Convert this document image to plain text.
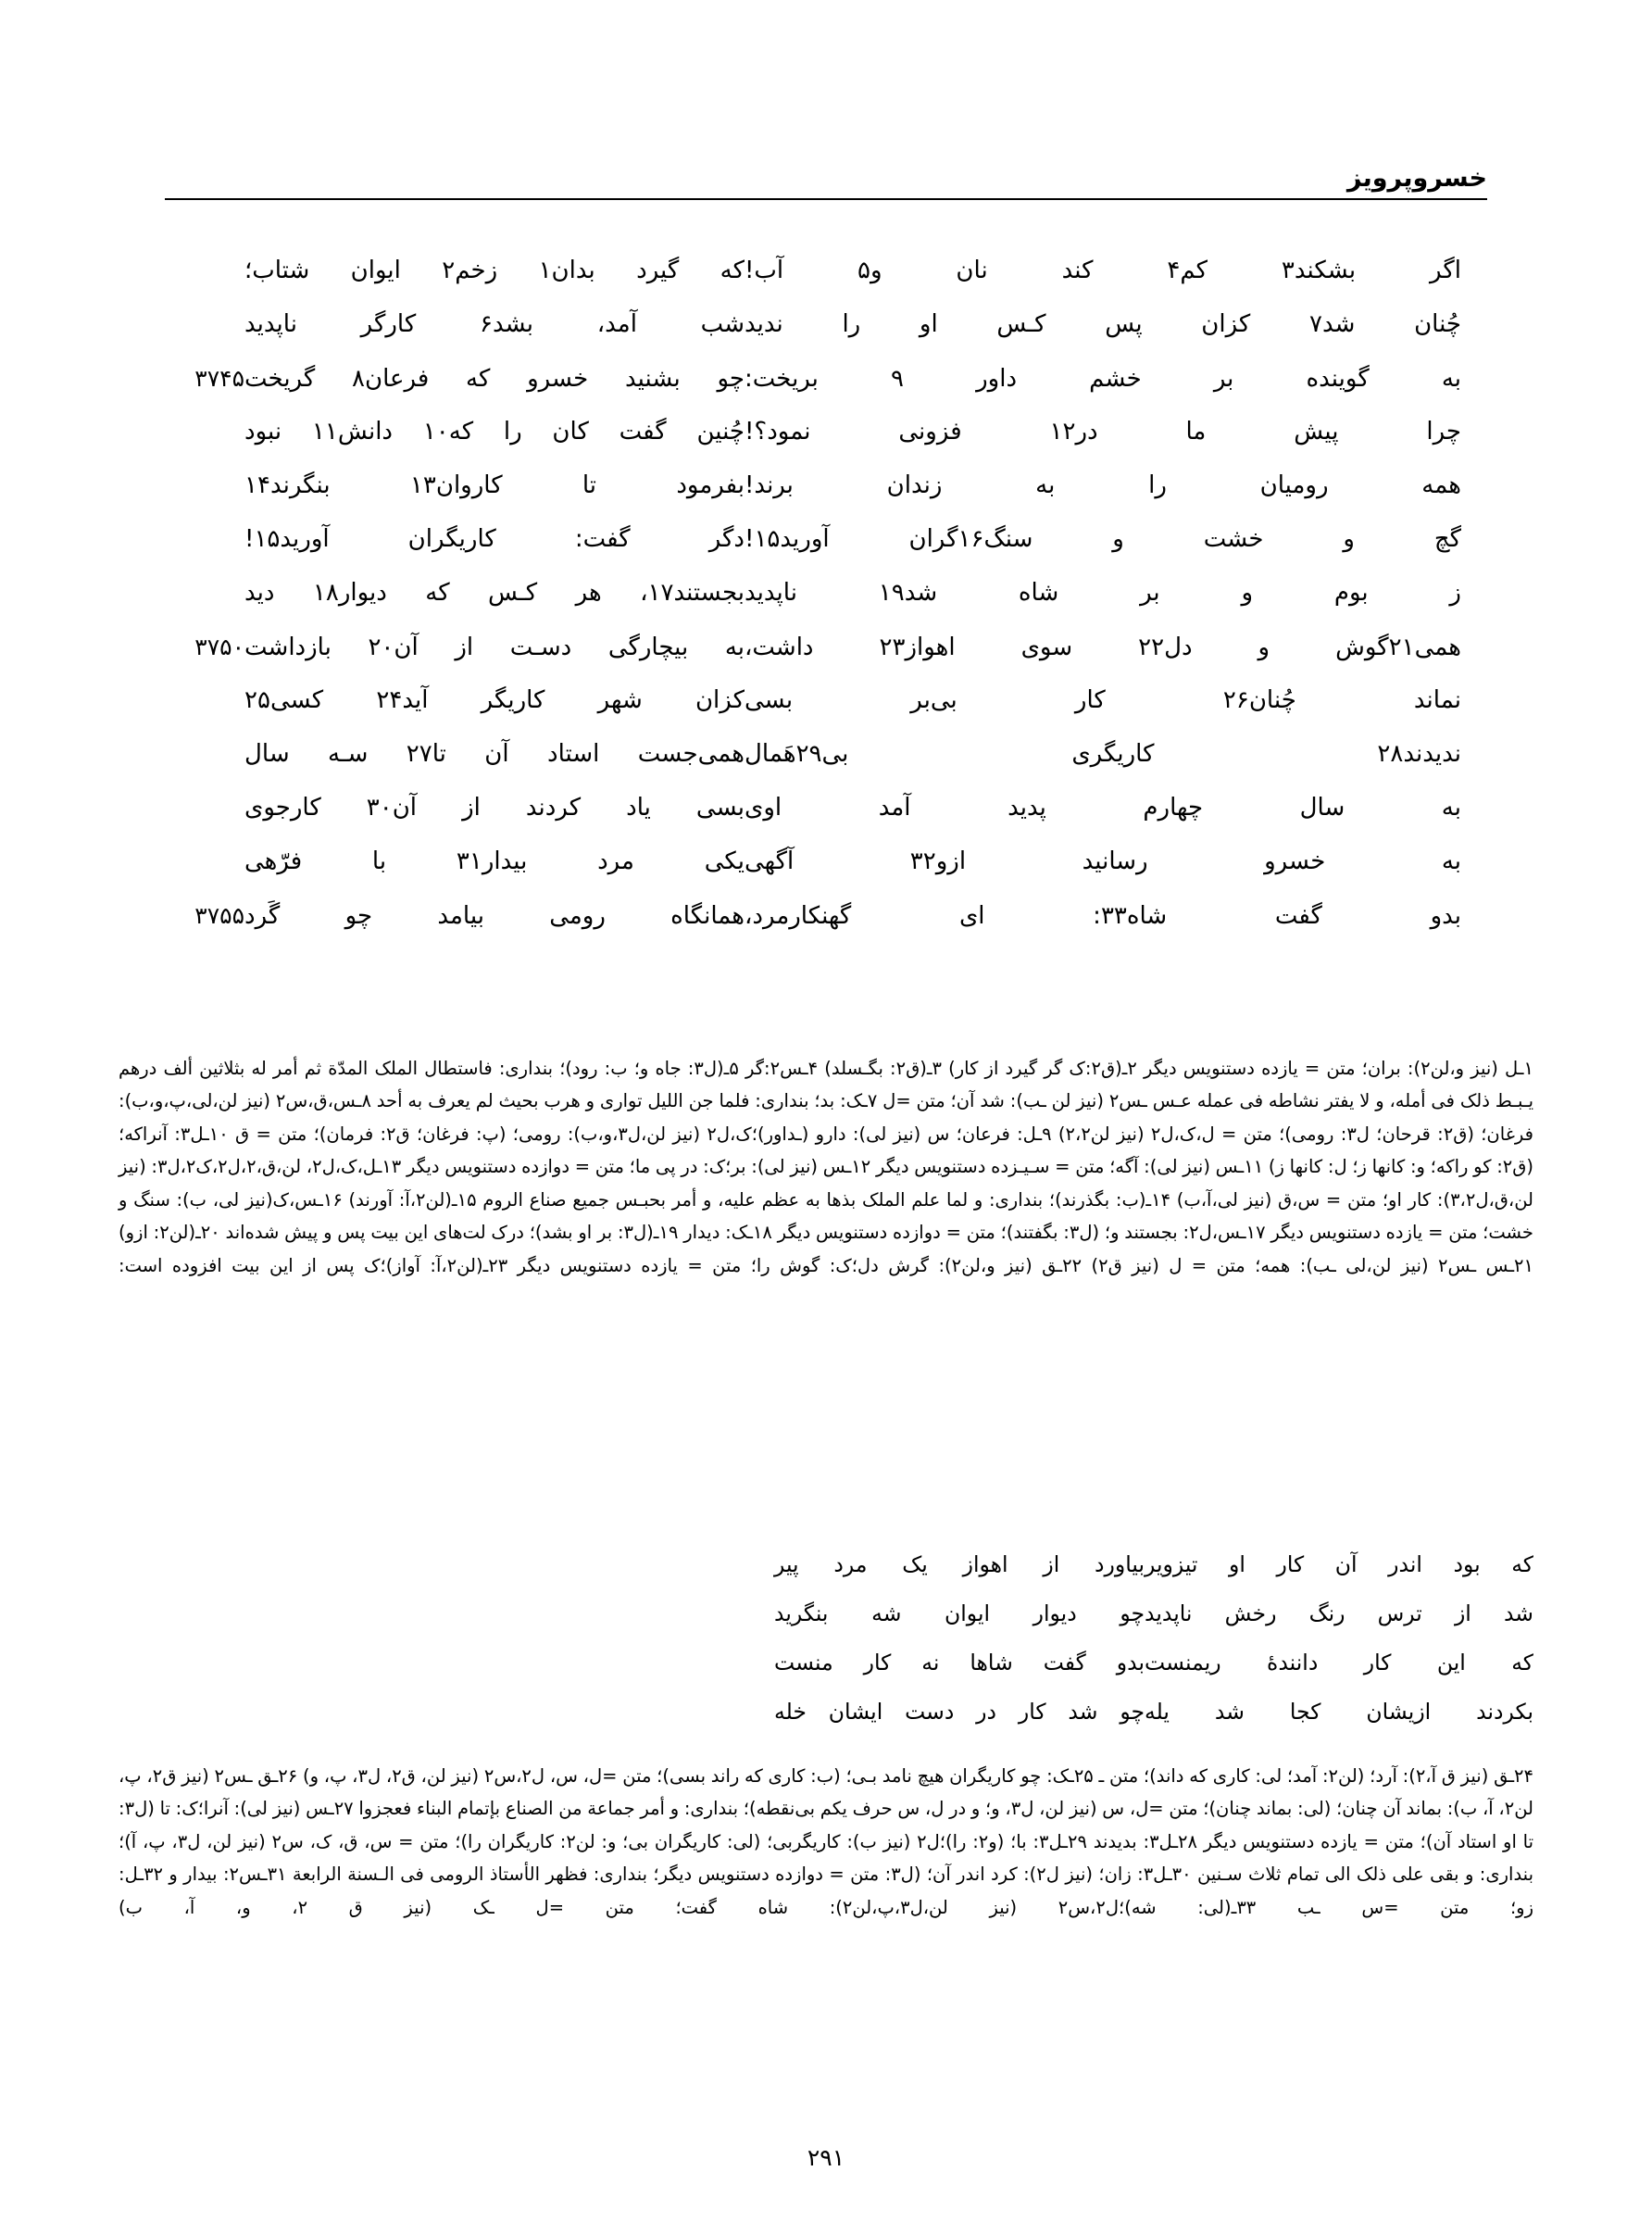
خسروپرویز
اگر بشکند۳ کم۴ کند نان و۵ آب!
که گیرد بدان۱ زخم۲ ایوان شتاب؛
چُنان شد۷ کزان پس کـس او را ندید
شب آمد، بشد۶ کارگر ناپدید
به گوینده بر خشم داور ۹ بریخت:
چو بشنید خسرو که فرعان۸ گریخت
۳۷۴۵
چرا پیش ما در۱۲ فزونی نمود؟!
چُنین گفت کان را که۱۰ دانش۱۱ نبود
همه رومیان را به زندان برند!
بفرمود تا کاروان۱۳ بنگرند۱۴
گچ و خشت و سنگ۱۶گران آورید۱۵!
دگر گفت: کاریگران آورید۱۵!
ز بوم و بر شاه شد۱۹ ناپدید
بجستند۱۷، هر کـس که دیوار۱۸ دید
همی۲۱گوش و دل۲۲ سوی اهواز۲۳ داشت،
به بیچارگی دسـت از آن۲۰ بازداشت
۳۷۵۰
نماند چُنان۲۶ کار بی‌بر بسی
کزان شهر کاریگر آید۲۴ کسی۲۵
ندیدند۲۸ کاریگری بی۲۹هَمال
همی‌جست استاد آن تا۲۷ سـه سال
به سال چهارم پدید آمد اوی
بسی یاد کردند از آن۳۰ کارجوی
به خسرو رسانید ازو۳۲ آگهی
یکی مرد بیدار۳۱ با فرّهی
بدو گفت شاه۳۳: ای گهنکارمرد،
همانگاه رومی بیامد چو گَرد
۳۷۵۵

۱ـل (نیز و،لن۲): بران؛ متن = یازده دستنویس دیگر ۲ـ(ق۲:ک گر گیرد از کار) ۳ـ(ق۲: بگـسلد) ۴ـس۲:گر ۵ـ(ل۳: جاه و؛ ب: رود)؛ بنداری: فاستطال الملک المدّة ثم أمر له بثلاثین ألف درهم یـبـط ذلک فی أمله، و لا یفتر نشاطه فی عمله عـس ـس۲ (نیز لن ـب): شد آن؛ متن =ل ۷ـک: بد؛ بنداری: فلما جن اللیل تواری و هرب بحیث لم یعرف به أحد ۸ـس،ق،س۲ (نیز لن،لی،پ،و،ب): فرغان؛ (ق۲: قرحان؛ ل۳: رومی)؛ متن = ل،ک،ل۲ (نیز لن۲،۲) ۹ـل: فرعان؛ س (نیز لی): دارو (ـداور)؛ک،ل۲ (نیز لن،ل۳،و،ب): رومی؛ (پ: فرغان؛ ق۲: فرمان)؛ متن = ق ۱۰ـل۳: آنراکه؛ (ق۲: کو راکه؛ و: کانها ز؛ ل: کانها ز) ۱۱ـس (نیز لی): آگه؛ متن = سـیـزده دستنویس دیگر ۱۲ـس (نیز لی): بر؛ک: در پی ما؛ متن = دوازده دستنویس دیگر ۱۳ـل،ک،ل۲، لن،ق،۲،ل۲،ک۲،ل۳: (نیز لن،ق،ل۳،۲): کار او؛ متن = س،ق (نیز لی،آ،ب) ۱۴ـ(ب: بگذرند)؛ بنداری: و لما علم الملک بذها به عظم علیه، و أمر بحبـس جمیع صناع الروم ۱۵ـ(لن۲،آ: آورند) ۱۶ـس،ک(نیز لی، ب): سنگ و خشت؛ متن = یازده دستنویس دیگر ۱۷ـس،ل۲: بجستند و؛ (ل۳: بگفتند)؛ متن = دوازده دستنویس دیگر ۱۸ـک: دیدار ۱۹ـ(ل۳: بر او بشد)؛ درک لت‌های این بیت پس و پیش شده‌اند ۲۰ـ(لن۲: ازو) ۲۱ـس ـس۲ (نیز لن،لی ـب): همه؛ متن = ل (نیز ق۲) ۲۲ـق (نیز و،لن۲): گرش دل؛ک: گوش را؛ متن = یازده دستنویس دیگر ۲۳ـ(لن۲،آ: آواز)؛ک پس از این بیت افزوده است:

که بود اندر آن کار او تیزویر
بیاورد از اهواز یک مرد پیر
شد از ترس رنگ رخش ناپدید
چو دیوار ایوان شه بنگرید
که این کار دانندهٔ ریمنست
بدو گفت شاها نه کار منست
بکردند ازیشان کجا شد یله
چو شد کار در دست ایشان خله

۲۴ـق (نیز ق آ،۲): آرد؛ (لن۲: آمد؛ لی: کاری که داند)؛ متن ـ ۲۵ـک: چو کاریگران هیچ نامد بـی؛ (ب: کاری که راند بسی)؛ متن =ل، س، ل۲،س۲ (نیز لن، ق۲، ل۳، پ، و) ۲۶ـق ـس۲ (نیز ق۲، پ، لن۲، آ، ب): بماند آن چنان؛ (لی: بماند چنان)؛ متن =ل، س (نیز لن، ل۳، و؛ و در ل، س حرف یکم بی‌نقطه)؛ بنداری: و أمر جماعة من الصناع بإتمام البناء فعجزوا ۲۷ـس (نیز لی): آنرا؛ک: تا (ل۳: تا او استاد آن)؛ متن = یازده دستنویس دیگر ۲۸ـل۳: بدیدند ۲۹ـل۳: با؛ (و۲: را)؛ل۲ (نیز ب): کاریگربی؛ (لی: کاریگران بی؛ و: لن۲: کاریگران را)؛ متن = س، ق، ک، س۲ (نیز لن، ل۳، پ، آ)؛ بنداری: و بقی علی ذلک الی تمام ثلاث سـنین ۳۰ـل۳: زان؛ (نیز ل۲): کرد اندر آن؛ (ل۳: متن = دوازده دستنویس دیگر؛ بنداری: فظهر الأستاذ الرومی فی الـسنة الرابعة ۳۱ـس۲: بیدار و ۳۲ـل: زو؛ متن =س ـب ۳۳ـ(لی: شه)؛ل۲،س۲ (نیز لن،ل۳،پ،لن۲): شاه گفت؛ متن =ل ـک (نیز ق ۲، و، آ، ب)

۲۹۱
